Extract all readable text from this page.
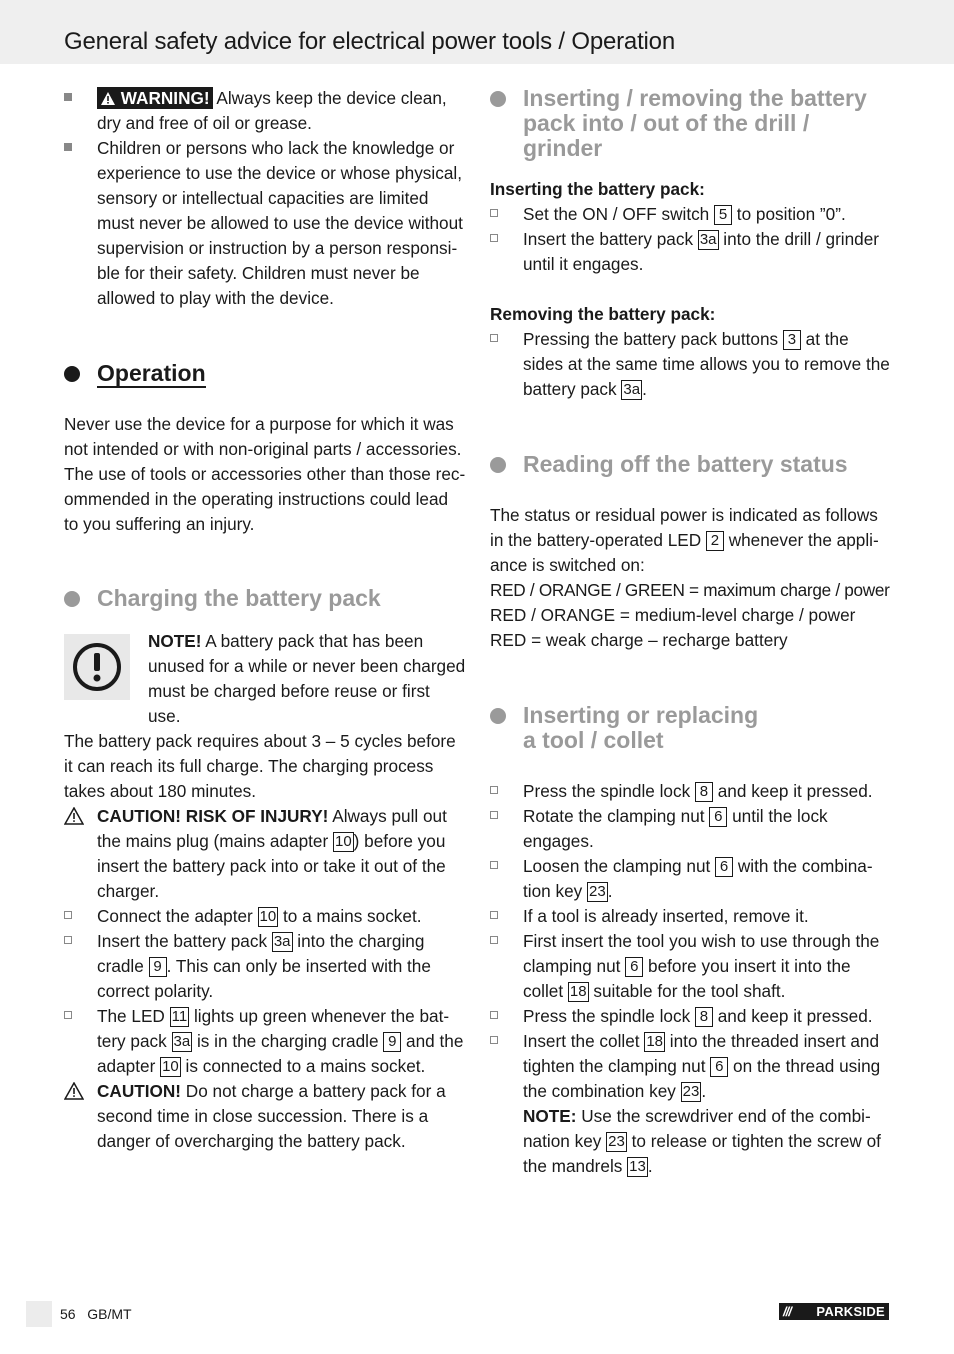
General safety advice for electrical power tools / Operation

WARNING! Always keep the device clean, dry and free of oil or grease.

Children or persons who lack the knowledge or experience to use the device or whose physical, sensory or intellectual capacities are limited must never be allowed to use the device without supervision or instruction by a person responsible for their safety. Children must never be allowed to play with the device.

Operation

Never use the device for a purpose for which it was not intended or with non-original parts / accessories. The use of tools or accessories other than those recommended in the operating instructions could lead to you suffering an injury.

Charging the battery pack

NOTE! A battery pack that has been unused for a while or never been charged must be charged before reuse or first use.

The battery pack requires about 3 – 5 cycles before it can reach its full charge. The charging process takes about 180 minutes.

CAUTION! RISK OF INJURY! Always pull out the mains plug (mains adapter 10 ) before you insert the battery pack into or take it out of the charger.

Connect the adapter 10 to a mains socket.

Insert the battery pack 3a into the charging cradle 9 . This can only be inserted with the correct polarity.

The LED 11 lights up green whenever the battery pack 3a is in the charging cradle 9 and the adapter 10 is connected to a mains socket.

CAUTION! Do not charge a battery pack for a second time in close succession. There is a danger of overcharging the battery pack.

Inserting / removing the battery pack into / out of the drill / grinder

Inserting the battery pack:

Set the ON / OFF switch 5 to position ”0”.

Insert the battery pack 3a into the drill / grinder until it engages.

Removing the battery pack:

Pressing the battery pack buttons 3 at the sides at the same time allows you to remove the battery pack 3a .

Reading off the battery status

The status or residual power is indicated as follows in the battery-operated LED 2 whenever the appliance is switched on:

RED / ORANGE / GREEN = maximum charge / power

RED / ORANGE = medium-level charge / power

RED = weak charge – recharge battery

Inserting or replacing
a tool / collet

Press the spindle lock 8 and keep it pressed.

Rotate the clamping nut 6 until the lock engages.

Loosen the clamping nut 6 with the combination key 23 .

If a tool is already inserted, remove it.

First insert the tool you wish to use through the clamping nut 6 before you insert it into the collet 18 suitable for the tool shaft.

Press the spindle lock 8 and keep it pressed.

Insert the collet 18 into the threaded insert and tighten the clamping nut 6 on the thread using the combination key 23 .
NOTE: Use the screwdriver end of the combination key 23 to release or tighten the screw of the mandrels 13 .

56 GB/MT	/// PARKSIDE
